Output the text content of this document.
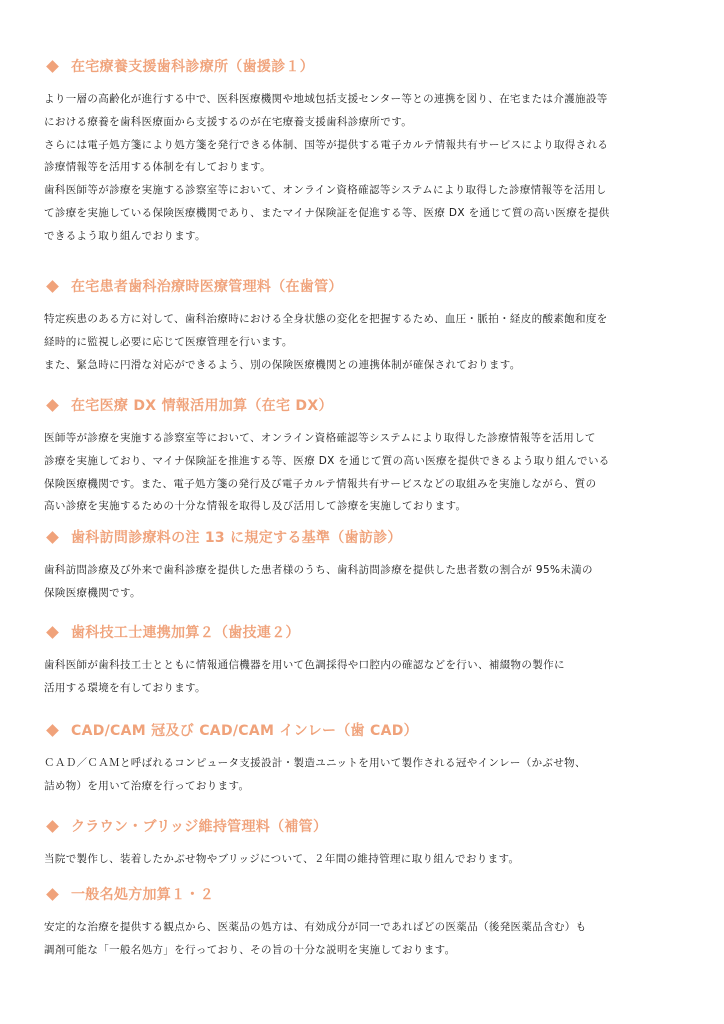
在宅療養支援歯科診療所（歯援診１）
より一層の高齢化が進行する中で、医科医療機関や地域包括支援センター等との連携を図り、在宅または介護施設等
における療養を歯科医療面から支援するのが在宅療養支援歯科診療所です。
さらには電子処方箋により処方箋を発行できる体制、国等が提供する電子カルテ情報共有サービスにより取得される
診療情報等を活用する体制を有しております。
歯科医師等が診療を実施する診察室等において、オンライン資格確認等システムにより取得した診療情報等を活用し
て診療を実施している保険医療機関であり、またマイナ保険証を促進する等、医療 DX を通じて質の高い医療を提供
できるよう取り組んでおります。
在宅患者歯科治療時医療管理料（在歯管）
特定疾患のある方に対して、歯科治療時における全身状態の変化を把握するため、血圧・脈拍・経皮的酸素飽和度を
経時的に監視し必要に応じて医療管理を行います。
また、緊急時に円滑な対応ができるよう、別の保険医療機関との連携体制が確保されております。
在宅医療 DX 情報活用加算（在宅 DX）
医師等が診療を実施する診察室等において、オンライン資格確認等システムにより取得した診療情報等を活用して
診療を実施しており、マイナ保険証を推進する等、医療 DX を通じて質の高い医療を提供できるよう取り組んでいる
保険医療機関です。また、電子処方箋の発行及び電子カルテ情報共有サービスなどの取組みを実施しながら、質の
高い診療を実施するための十分な情報を取得し及び活用して診療を実施しております。
歯科訪問診療料の注 13 に規定する基準（歯訪診）
歯科訪問診療及び外来で歯科診療を提供した患者様のうち、歯科訪問診療を提供した患者数の割合が 95%未満の
保険医療機関です。
歯科技工士連携加算２（歯技連２）
歯科医師が歯科技工士とともに情報通信機器を用いて色調採得や口腔内の確認などを行い、補綴物の製作に
活用する環境を有しております。
CAD/CAM 冠及び CAD/CAM インレー（歯 CAD）
ＣＡＤ／ＣＡＭと呼ばれるコンピュータ支援設計・製造ユニットを用いて製作される冠やインレー（かぶせ物、
詰め物）を用いて治療を行っております。
クラウン・ブリッジ維持管理料（補管）
当院で製作し、装着したかぶせ物やブリッジについて、２年間の維持管理に取り組んでおります。
一般名処方加算１・２
安定的な治療を提供する観点から、医薬品の処方は、有効成分が同一であればどの医薬品（後発医薬品含む）も
調剤可能な「一般名処方」を行っており、その旨の十分な説明を実施しております。
